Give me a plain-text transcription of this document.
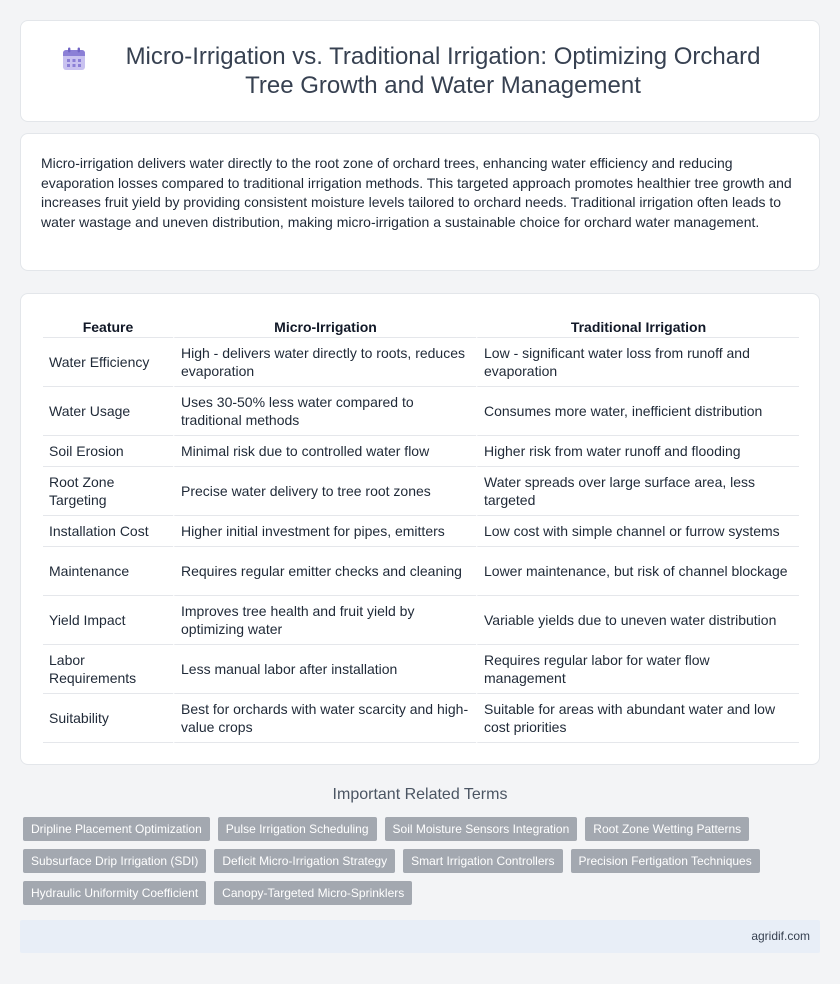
Micro-Irrigation vs. Traditional Irrigation: Optimizing Orchard Tree Growth and Water Management

Micro-irrigation delivers water directly to the root zone of orchard trees, enhancing water efficiency and reducing evaporation losses compared to traditional irrigation methods. This targeted approach promotes healthier tree growth and increases fruit yield by providing consistent moisture levels tailored to orchard needs. Traditional irrigation often leads to water wastage and uneven distribution, making micro-irrigation a sustainable choice for orchard water management.

Feature	Micro-Irrigation	Traditional Irrigation
Water Efficiency	High - delivers water directly to roots, reduces evaporation	Low - significant water loss from runoff and evaporation
Water Usage	Uses 30-50% less water compared to traditional methods	Consumes more water, inefficient distribution
Soil Erosion	Minimal risk due to controlled water flow	Higher risk from water runoff and flooding
Root Zone Targeting	Precise water delivery to tree root zones	Water spreads over large surface area, less targeted
Installation Cost	Higher initial investment for pipes, emitters	Low cost with simple channel or furrow systems
Maintenance	Requires regular emitter checks and cleaning	Lower maintenance, but risk of channel blockage
Yield Impact	Improves tree health and fruit yield by optimizing water	Variable yields due to uneven water distribution
Labor Requirements	Less manual labor after installation	Requires regular labor for water flow management
Suitability	Best for orchards with water scarcity and high-value crops	Suitable for areas with abundant water and low cost priorities
Important Related Terms
Dripline Placement Optimization	Pulse Irrigation Scheduling	Soil Moisture Sensors Integration	Root Zone Wetting Patterns
Subsurface Drip Irrigation (SDI)	Deficit Micro-Irrigation Strategy	Smart Irrigation Controllers	Precision Fertigation Techniques
Hydraulic Uniformity Coefficient	Canopy-Targeted Micro-Sprinklers
agridif.com
